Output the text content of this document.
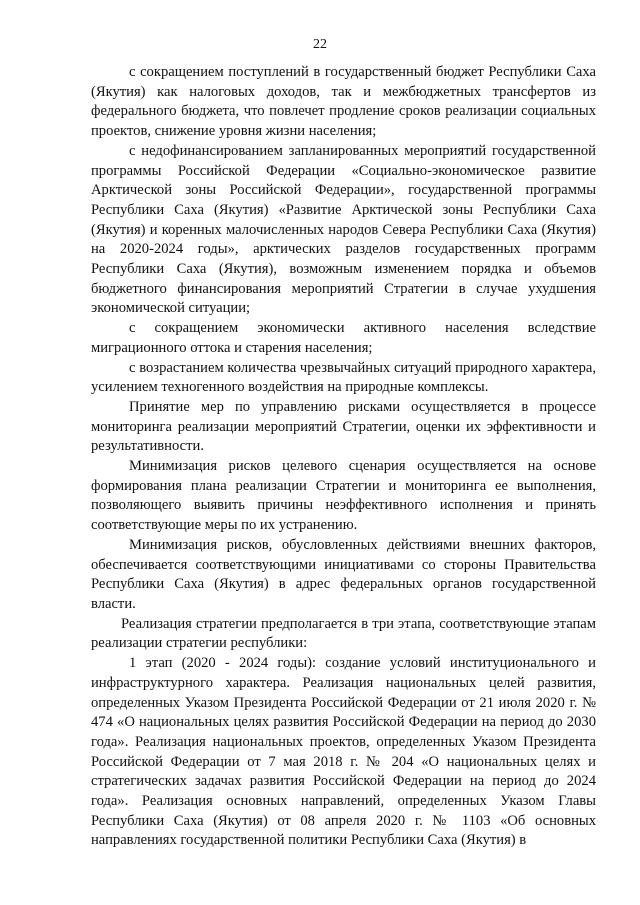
22

с сокращением поступлений в государственный бюджет Республики Саха (Якутия) как налоговых доходов, так и межбюджетных трансфертов из федерального бюджета, что повлечет продление сроков реализации социальных проектов, снижение уровня жизни населения;

с недофинансированием запланированных мероприятий государственной программы Российской Федерации «Социально-экономическое развитие Арктической зоны Российской Федерации», государственной программы Республики Саха (Якутия) «Развитие Арктической зоны Республики Саха (Якутия) и коренных малочисленных народов Севера Республики Саха (Якутия) на 2020-2024 годы», арктических разделов государственных программ Республики Саха (Якутия), возможным изменением порядка и объемов бюджетного финансирования мероприятий Стратегии в случае ухудшения экономической ситуации;

с сокращением экономически активного населения вследствие миграционного оттока и старения населения;

с возрастанием количества чрезвычайных ситуаций природного характера, усилением техногенного воздействия на природные комплексы.

Принятие мер по управлению рисками осуществляется в процессе мониторинга реализации мероприятий Стратегии, оценки их эффективности и результативности.

Минимизация рисков целевого сценария осуществляется на основе формирования плана реализации Стратегии и мониторинга ее выполнения, позволяющего выявить причины неэффективного исполнения и принять соответствующие меры по их устранению.

Минимизация рисков, обусловленных действиями внешних факторов, обеспечивается соответствующими инициативами со стороны Правительства Республики Саха (Якутия) в адрес федеральных органов государственной власти.

Реализация стратегии предполагается в три этапа, соответствующие этапам реализации стратегии республики:

1 этап (2020 - 2024 годы): создание условий институционального и инфраструктурного характера. Реализация национальных целей развития, определенных Указом Президента Российской Федерации от 21 июля 2020 г. № 474 «О национальных целях развития Российской Федерации на период до 2030 года». Реализация национальных проектов, определенных Указом Президента Российской Федерации от 7 мая 2018 г. № 204 «О национальных целях и стратегических задачах развития Российской Федерации на период до 2024 года». Реализация основных направлений, определенных Указом Главы Республики Саха (Якутия) от 08 апреля 2020 г. № 1103 «Об основных направлениях государственной политики Республики Саха (Якутия) в
